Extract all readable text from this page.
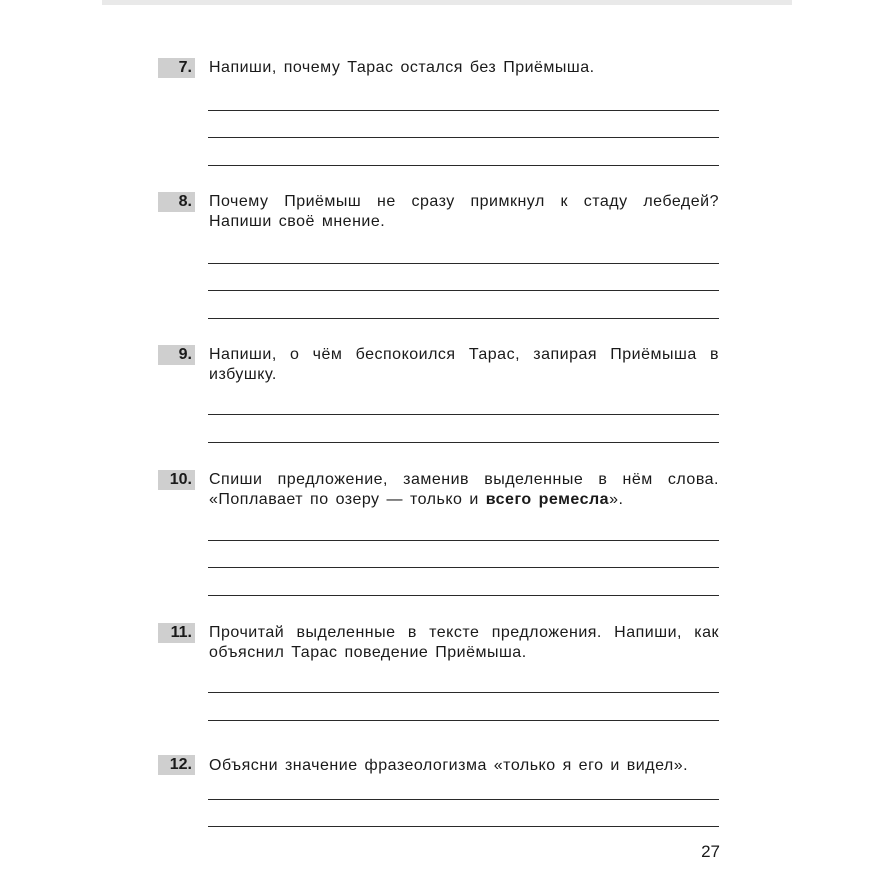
7. Напиши, почему Тарас остался без Приёмыша.
8. Почему Приёмыш не сразу примкнул к стаду лебедей? Напиши своё мнение.
9. Напиши, о чём беспокоился Тарас, запирая Приёмыша в избушку.
10. Спиши предложение, заменив выделенные в нём слова. «Поплавает по озеру — только и всего ремесла».
11. Прочитай выделенные в тексте предложения. Напиши, как объяснил Тарас поведение Приёмыша.
12. Объясни значение фразеологизма «только я его и видел».
27
